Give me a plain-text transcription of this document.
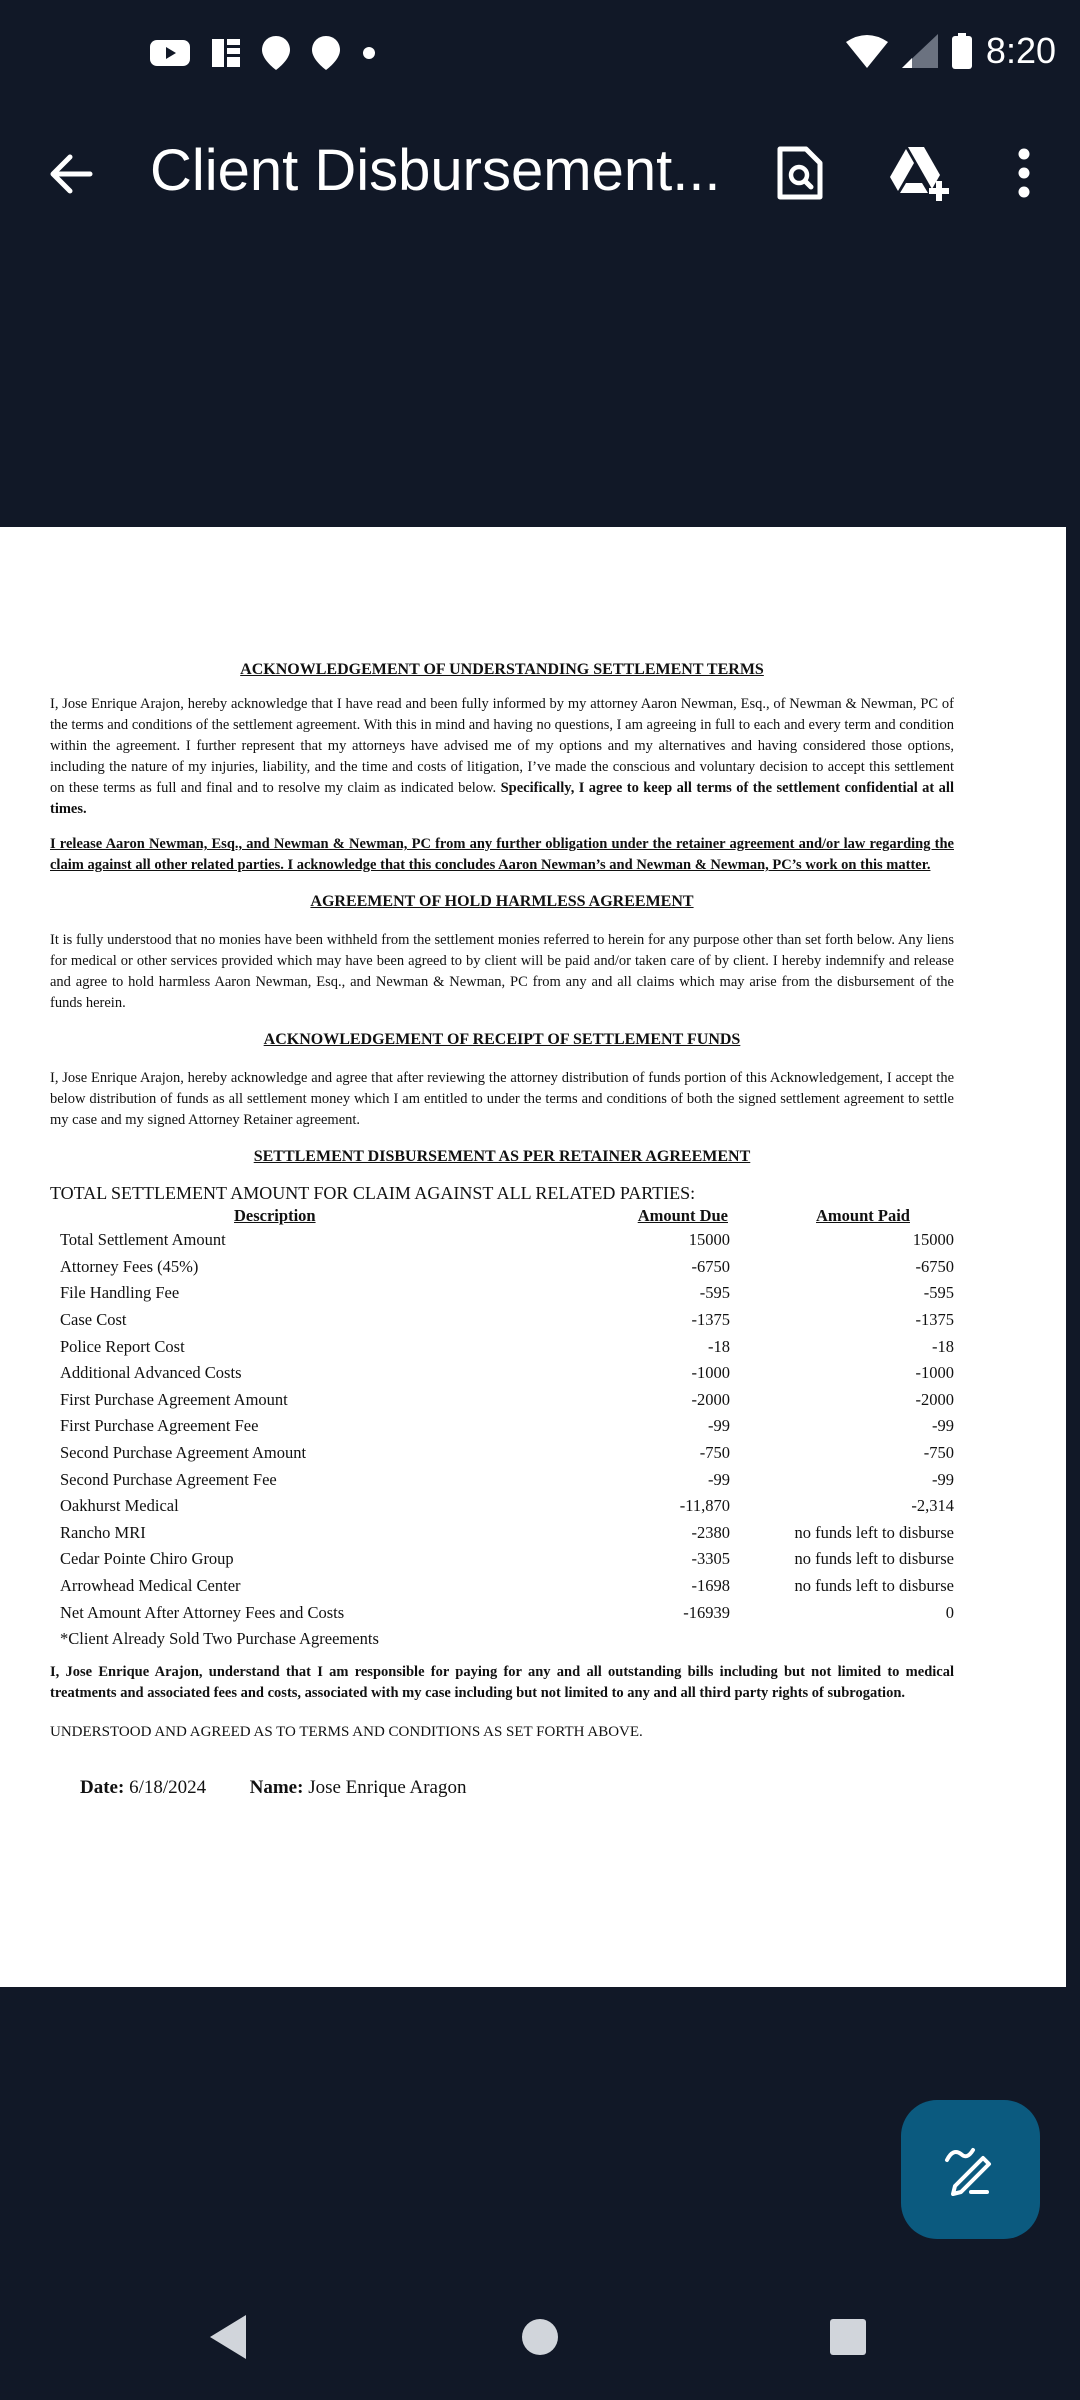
8:20
Client Disbursement...

ACKNOWLEDGEMENT OF UNDERSTANDING SETTLEMENT TERMS

I, Jose Enrique Arajon, hereby acknowledge that I have read and been fully informed by my attorney Aaron Newman, Esq., of Newman & Newman, PC of the terms and conditions of the settlement agreement. With this in mind and having no questions, I am agreeing in full to each and every term and condition within the agreement. I further represent that my attorneys have advised me of my options and my alternatives and having considered those options, including the nature of my injuries, liability, and the time and costs of litigation, I’ve made the conscious and voluntary decision to accept this settlement on these terms as full and final and to resolve my claim as indicated below. Specifically, I agree to keep all terms of the settlement confidential at all times.

I release Aaron Newman, Esq., and Newman & Newman, PC from any further obligation under the retainer agreement and/or law regarding the claim against all other related parties. I acknowledge that this concludes Aaron Newman’s and Newman & Newman, PC’s work on this matter.

AGREEMENT OF HOLD HARMLESS AGREEMENT

It is fully understood that no monies have been withheld from the settlement monies referred to herein for any purpose other than set forth below. Any liens for medical or other services provided which may have been agreed to by client will be paid and/or taken care of by client. I hereby indemnify and release and agree to hold harmless Aaron Newman, Esq., and Newman & Newman, PC from any and all claims which may arise from the disbursement of the funds herein.

ACKNOWLEDGEMENT OF RECEIPT OF SETTLEMENT FUNDS

I, Jose Enrique Arajon, hereby acknowledge and agree that after reviewing the attorney distribution of funds portion of this Acknowledgement, I accept the below distribution of funds as all settlement money which I am entitled to under the terms and conditions of both the signed settlement agreement to settle my case and my signed Attorney Retainer agreement.

SETTLEMENT DISBURSEMENT AS PER RETAINER AGREEMENT

TOTAL SETTLEMENT AMOUNT FOR CLAIM AGAINST ALL RELATED PARTIES:
Description	Amount Due	Amount Paid
Total Settlement Amount	15000	15000
Attorney Fees (45%)	-6750	-6750
File Handling Fee	-595	-595
Case Cost	-1375	-1375
Police Report Cost	-18	-18
Additional Advanced Costs	-1000	-1000
First Purchase Agreement Amount	-2000	-2000
First Purchase Agreement Fee	-99	-99
Second Purchase Agreement Amount	-750	-750
Second Purchase Agreement Fee	-99	-99
Oakhurst Medical	-11,870	-2,314
Rancho MRI	-2380	no funds left to disburse
Cedar Pointe Chiro Group	-3305	no funds left to disburse
Arrowhead Medical Center	-1698	no funds left to disburse
Net Amount After Attorney Fees and Costs	-16939	0
*Client Already Sold Two Purchase Agreements

I, Jose Enrique Arajon, understand that I am responsible for paying for any and all outstanding bills including but not limited to medical treatments and associated fees and costs, associated with my case including but not limited to any and all third party rights of subrogation.

UNDERSTOOD AND AGREED AS TO TERMS AND CONDITIONS AS SET FORTH ABOVE.

Date: 6/18/2024 Name: Jose Enrique Aragon
